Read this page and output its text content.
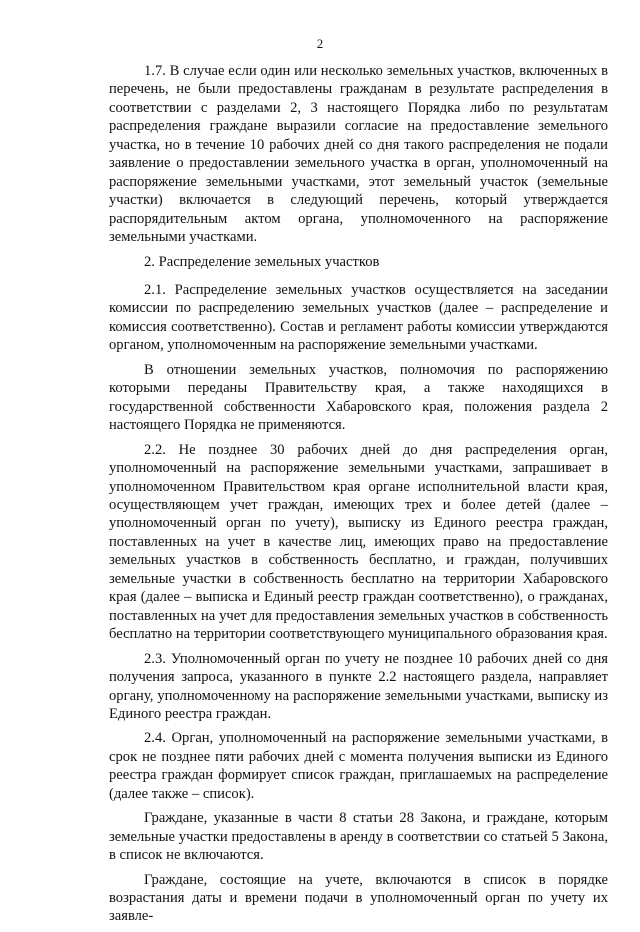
2

1.7. В случае если один или несколько земельных участков, включенных в перечень, не были предоставлены гражданам в результате распределения в соответствии с разделами 2, 3 настоящего Порядка либо по результатам распределения граждане выразили согласие на предоставление земельного участка, но в течение 10 рабочих дней со дня такого распределения не подали заявление о предоставлении земельного участка в орган, уполномоченный на распоряжение земельными участками, этот земельный участок (земельные участки) включается в следующий перечень, который утверждается распорядительным актом органа, уполномоченного на распоряжение земельными участками.

2. Распределение земельных участков

2.1. Распределение земельных участков осуществляется на заседании комиссии по распределению земельных участков (далее – распределение и комиссия соответственно). Состав и регламент работы комиссии утверждаются органом, уполномоченным на распоряжение земельными участками.

В отношении земельных участков, полномочия по распоряжению которыми переданы Правительству края, а также находящихся в государственной собственности Хабаровского края, положения раздела 2 настоящего Порядка не применяются.

2.2. Не позднее 30 рабочих дней до дня распределения орган, уполномоченный на распоряжение земельными участками, запрашивает в уполномоченном Правительством края органе исполнительной власти края, осуществляющем учет граждан, имеющих трех и более детей (далее – уполномоченный орган по учету), выписку из Единого реестра граждан, поставленных на учет в качестве лиц, имеющих право на предоставление земельных участков в собственность бесплатно, и граждан, получивших земельные участки в собственность бесплатно на территории Хабаровского края (далее – выписка и Единый реестр граждан соответственно), о гражданах, поставленных на учет для предоставления земельных участков в собственность бесплатно на территории соответствующего муниципального образования края.

2.3. Уполномоченный орган по учету не позднее 10 рабочих дней со дня получения запроса, указанного в пункте 2.2 настоящего раздела, направляет органу, уполномоченному на распоряжение земельными участками, выписку из Единого реестра граждан.

2.4. Орган, уполномоченный на распоряжение земельными участками, в срок не позднее пяти рабочих дней с момента получения выписки из Единого реестра граждан формирует список граждан, приглашаемых на распределение (далее также – список).

Граждане, указанные в части 8 статьи 28 Закона, и граждане, которым земельные участки предоставлены в аренду в соответствии со статьей 5 Закона, в список не включаются.

Граждане, состоящие на учете, включаются в список в порядке возрастания даты и времени подачи в уполномоченный орган по учету их заявле-
